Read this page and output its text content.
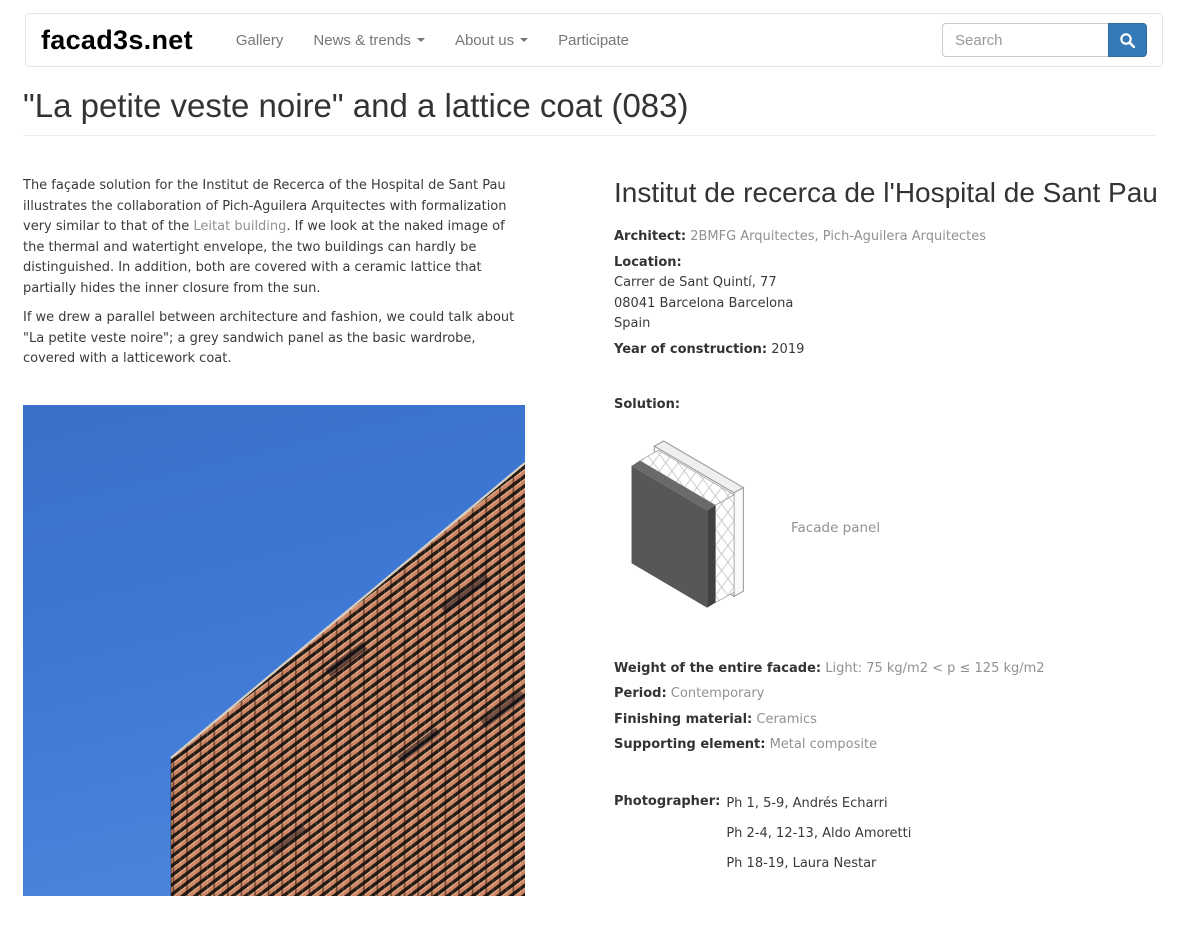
facad3s.net	Gallery News & trends	About us	Participate
Search
"La petite veste noire" and a lattice coat (083)

The façade solution for the Institut de Recerca of the Hospital de Sant Pau illustrates the collaboration of Pich-Aguilera Arquitectes with formalization very similar to that of the Leitat building. If we look at the naked image of the thermal and watertight envelope, the two buildings can hardly be distinguished. In addition, both are covered with a ceramic lattice that partially hides the inner closure from the sun.

If we drew a parallel between architecture and fashion, we could talk about "La petite veste noire"; a grey sandwich panel as the basic wardrobe, covered with a latticework coat.

Institut de recerca de l'Hospital de Sant Pau

Architect: 2BMFG Arquitectes, Pich-Aguilera Arquitectes

Location:
Carrer de Sant Quintí, 77
08041 Barcelona Barcelona
Spain

Year of construction: 2019

Solution:

Facade panel

Weight of the entire facade: Light: 75 kg/m2 < p ≤ 125 kg/m2

Period: Contemporary

Finishing material: Ceramics

Supporting element: Metal composite

Photographer: Ph 1, 5-9, Andrés Echarri
Ph 2-4, 12-13, Aldo Amoretti
Ph 18-19, Laura Nestar
